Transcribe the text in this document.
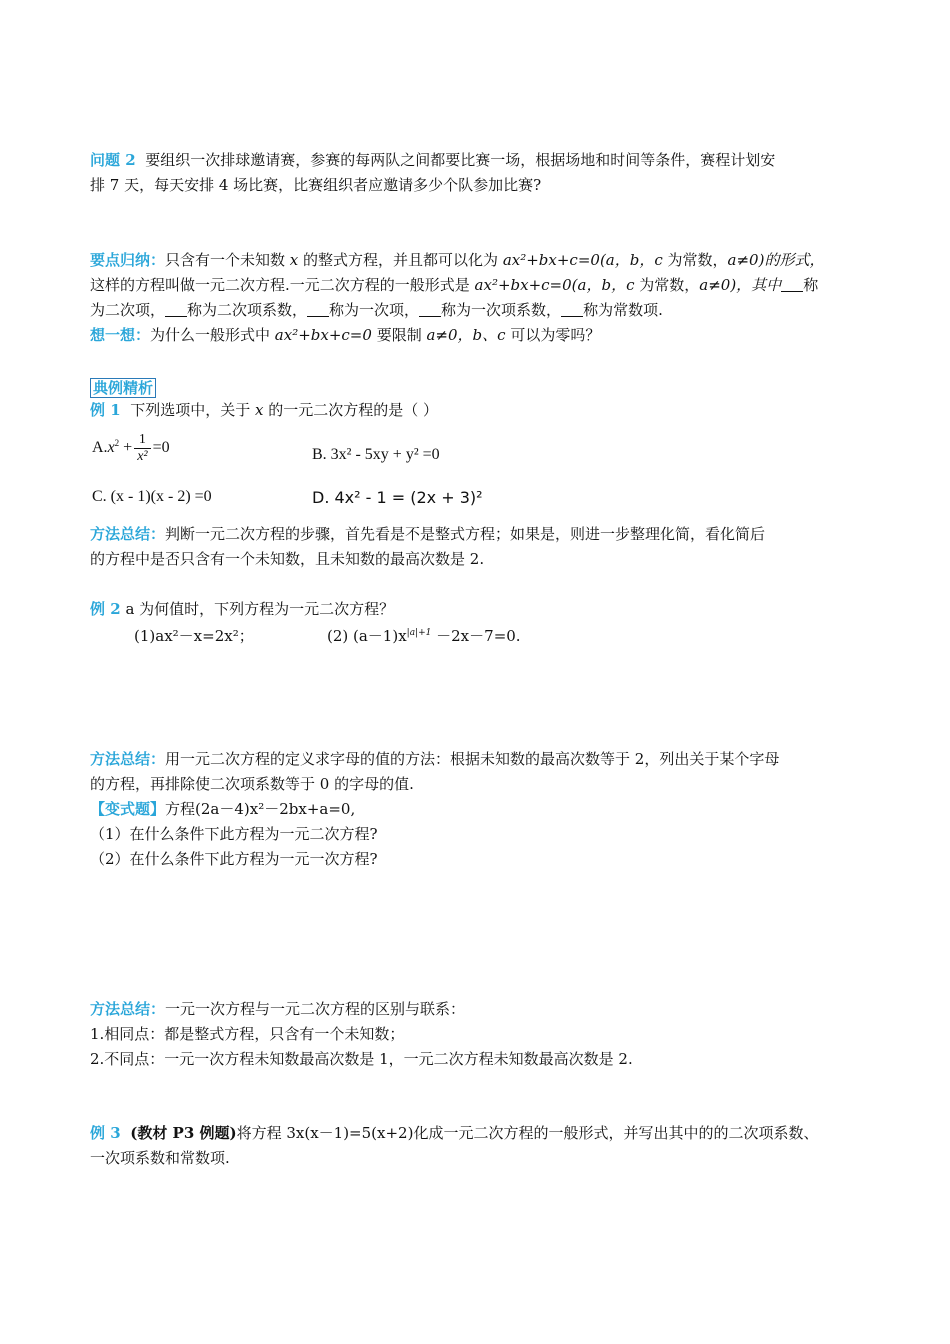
问题 2 要组织一次排球邀请赛，参赛的每两队之间都要比赛一场，根据场地和时间等条件，赛程计划安
排 7 天，每天安排 4 场比赛，比赛组织者应邀请多少个队参加比赛?
要点归纳：只含有一个未知数 x 的整式方程，并且都可以化为 ax²+bx+c=0(a，b，c 为常数，a≠0)的形式，
这样的方程叫做一元二次方程.一元二次方程的一般形式是 ax²+bx+c=0(a，b，c 为常数，a≠0)，其中 称
为二次项， 称为二次项系数， 称为一次项， 称为一次项系数， 称为常数项.
想一想：为什么一般形式中 ax²+bx+c=0 要限制 a≠0，b、c 可以为零吗？
典例精析
例 1 下列选项中，关于 x 的一元二次方程的是（ ）
$A.x^2 + \frac{1}{\text{x²}} =0$	B. 3x² - 5xy + y² =0
C. (x - 1)(x - 2) =0	D. 4x² - 1 = (2x + 3)²
方法总结：判断一元二次方程的步骤，首先看是不是整式方程；如果是，则进一步整理化简，看化简后
的方程中是否只含有一个未知数，且未知数的最高次数是 2.
例 2 a 为何值时，下列方程为一元二次方程？
(1)ax²－x=2x²；	(2) $(a-1)x^{|a|+1} -2x-7=0$.
方法总结：用一元二次方程的定义求字母的值的方法：根据未知数的最高次数等于 2，列出关于某个字母
的方程，再排除使二次项系数等于 0 的字母的值.
【变式题】方程(2a－4)x²－2bx+a=0,
（1）在什么条件下此方程为一元二次方程?
（2）在什么条件下此方程为一元一次方程?
方法总结：一元一次方程与一元二次方程的区别与联系：
1.相同点：都是整式方程，只含有一个未知数；
2.不同点：一元一次方程未知数最高次数是 1，一元二次方程未知数最高次数是 2.
例 3 (教材 P3 例题)将方程 3x(x－1)=5(x+2)化成一元二次方程的一般形式，并写出其中的的二次项系数、
一次项系数和常数项.
